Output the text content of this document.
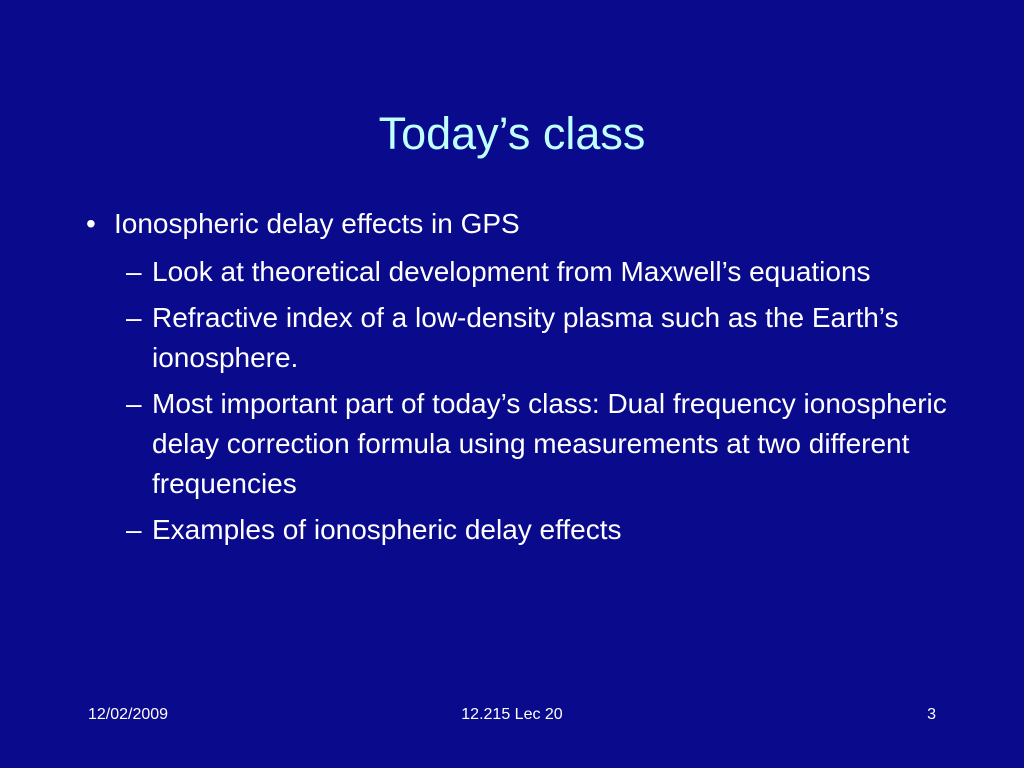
Today’s class
• Ionospheric delay effects in GPS
– Look at theoretical development from Maxwell’s equations
– Refractive index of a low-density plasma such as the Earth’s ionosphere.
– Most important part of today’s class: Dual frequency ionospheric delay correction formula using measurements at two different frequencies
– Examples of ionospheric delay effects
12/02/2009	12.215 Lec 20	3
